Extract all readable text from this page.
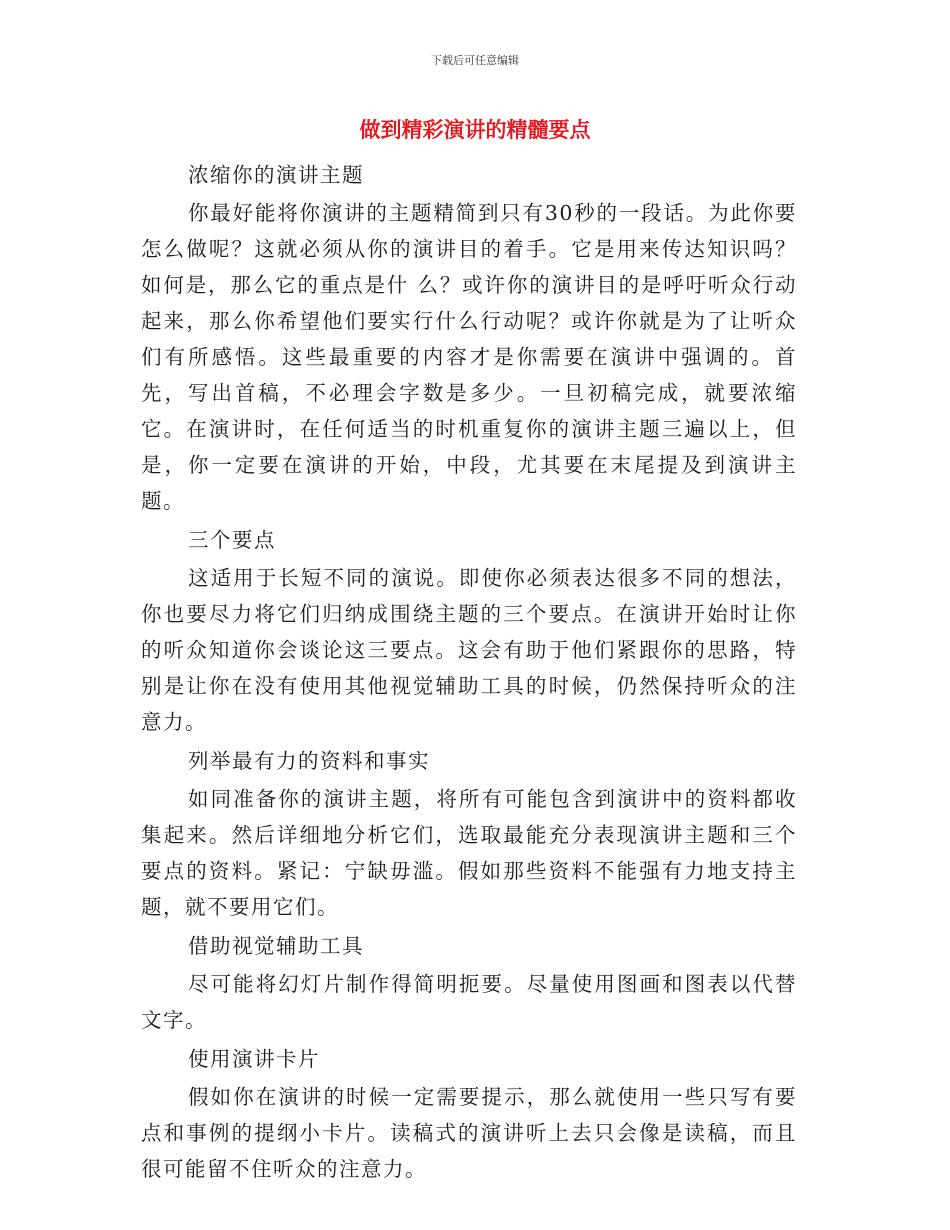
下载后可任意编辑
做到精彩演讲的精髓要点

浓缩你的演讲主题

你最好能将你演讲的主题精简到只有30秒的一段话。为此你要怎么做呢？这就必须从你的演讲目的着手。它是用来传达知识吗？如何是，那么它的重点是什 么？或许你的演讲目的是呼吁听众行动起来，那么你希望他们要实行什么行动呢？或许你就是为了让听众们有所感悟。这些最重要的内容才是你需要在演讲中强调的。首先，写出首稿，不必理会字数是多少。一旦初稿完成，就要浓缩它。在演讲时，在任何适当的时机重复你的演讲主题三遍以上，但是，你一定要在演讲的开始，中段，尤其要在末尾提及到演讲主题。

三个要点

这适用于长短不同的演说。即使你必须表达很多不同的想法，你也要尽力将它们归纳成围绕主题的三个要点。在演讲开始时让你的听众知道你会谈论这三要点。这会有助于他们紧跟你的思路，特别是让你在没有使用其他视觉辅助工具的时候，仍然保持听众的注意力。

列举最有力的资料和事实

如同准备你的演讲主题，将所有可能包含到演讲中的资料都收集起来。然后详细地分析它们，选取最能充分表现演讲主题和三个要点的资料。紧记：宁缺毋滥。假如那些资料不能强有力地支持主题，就不要用它们。

借助视觉辅助工具

尽可能将幻灯片制作得简明扼要。尽量使用图画和图表以代替文字。

使用演讲卡片

假如你在演讲的时候一定需要提示，那么就使用一些只写有要点和事例的提纲小卡片。读稿式的演讲听上去只会像是读稿，而且很可能留不住听众的注意力。
